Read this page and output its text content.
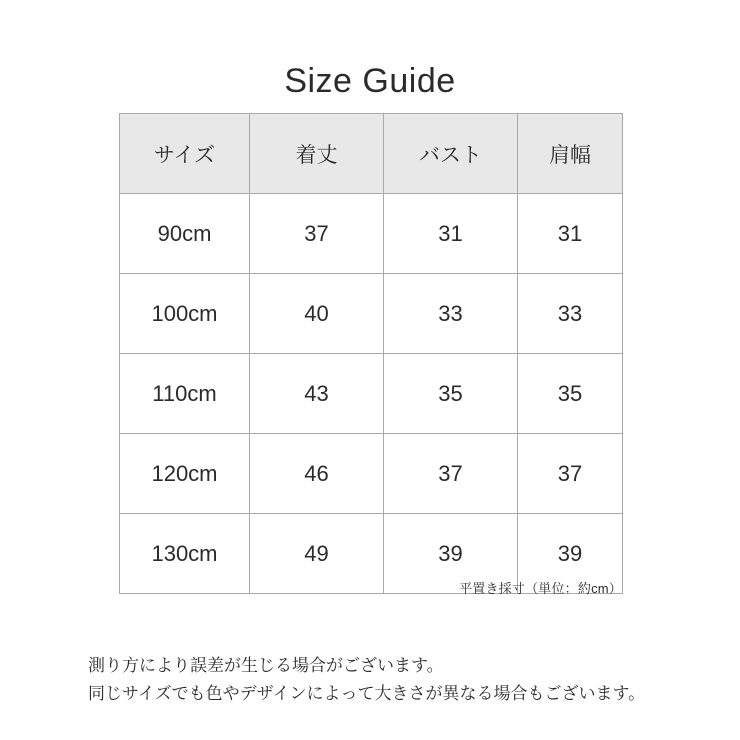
Size Guide
サイズ	着丈	バスト	肩幅
90cm	37	31	31
100cm	40	33	33
110cm	43	35	35
120cm	46	37	37
130cm	49	39	39
平置き採寸（単位：約cm）
測り方により誤差が生じる場合がございます。
同じサイズでも色やデザインによって大きさが異なる場合もございます。
